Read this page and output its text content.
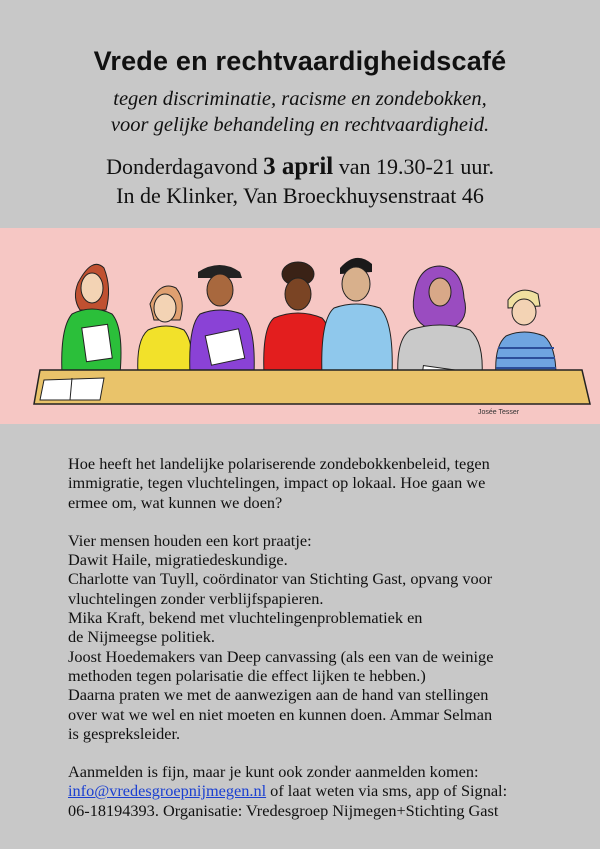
Vrede en rechtvaardigheidscafé
tegen discriminatie, racisme en zondebokken,
voor gelijke behandeling en rechtvaardigheid.
Donderdagavond 3 april van 19.30-21 uur.
In de Klinker, Van Broeckhuysenstraat 46
Josée Tesser

Hoe heeft het landelijke polariserende zondebokkenbeleid, tegen
immigratie, tegen vluchtelingen, impact op lokaal. Hoe gaan we
ermee om, wat kunnen we doen?

Vier mensen houden een kort praatje:
Dawit Haile, migratiedeskundige.
Charlotte van Tuyll, coördinator van Stichting Gast, opvang voor
vluchtelingen zonder verblijfspapieren.
Mika Kraft, bekend met vluchtelingenproblematiek en
de Nijmeegse politiek.
Joost Hoedemakers van Deep canvassing (als een van de weinige
methoden tegen polarisatie die effect lijken te hebben.)
Daarna praten we met de aanwezigen aan de hand van stellingen
over wat we wel en niet moeten en kunnen doen. Ammar Selman
is gespreksleider.

Aanmelden is fijn, maar je kunt ook zonder aanmelden komen:
info@vredesgroepnijmegen.nl of laat weten via sms, app of Signal:
06-18194393. Organisatie: Vredesgroep Nijmegen+Stichting Gast
